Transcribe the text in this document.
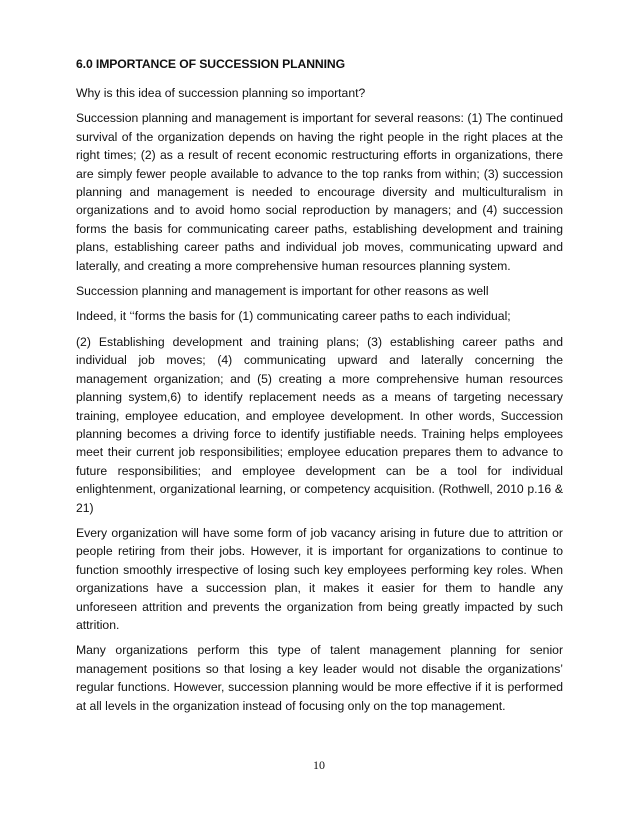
6.0 IMPORTANCE OF SUCCESSION PLANNING

Why is this idea of succession planning so important?

Succession planning and management is important for several reasons: (1) The continued survival of the organization depends on having the right people in the right places at the right times; (2) as a result of recent economic restructuring efforts in organizations, there are simply fewer people available to advance to the top ranks from within; (3) succession planning and management is needed to encourage diversity and multiculturalism in organizations and to avoid homo social reproduction by managers; and (4) succession forms the basis for communicating career paths, establishing development and training plans, establishing career paths and individual job moves, communicating upward and laterally, and creating a more comprehensive human resources planning system.

Succession planning and management is important for other reasons as well

Indeed, it ‘‘forms the basis for (1) communicating career paths to each individual;

(2) Establishing development and training plans; (3) establishing career paths and individual job moves; (4) communicating upward and laterally concerning the management organization; and (5) creating a more comprehensive human resources planning system,6) to identify replacement needs as a means of targeting necessary training, employee education, and employee development. In other words, Succession planning becomes a driving force to identify justifiable needs. Training helps employees meet their current job responsibilities; employee education prepares them to advance to future responsibilities; and employee development can be a tool for individual enlightenment, organizational learning, or competency acquisition. (Rothwell, 2010 p.16 & 21)

Every organization will have some form of job vacancy arising in future due to attrition or people retiring from their jobs. However, it is important for organizations to continue to function smoothly irrespective of losing such key employees performing key roles. When organizations have a succession plan, it makes it easier for them to handle any unforeseen attrition and prevents the organization from being greatly impacted by such attrition.

Many organizations perform this type of talent management planning for senior management positions so that losing a key leader would not disable the organizations’ regular functions. However, succession planning would be more effective if it is performed at all levels in the organization instead of focusing only on the top management.

10
